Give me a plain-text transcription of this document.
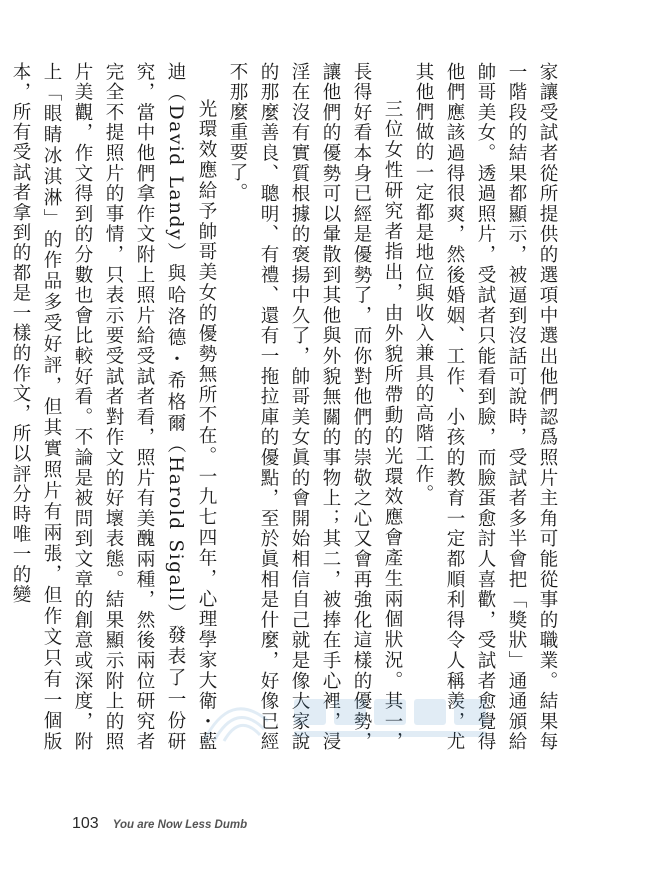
家讓受試者從所提供的選項中選出他們認爲照片主角可能從事的職業。結果每一階段的結果都顯示，被逼到沒話可說時，受試者多半會把「獎狀」通通頒給帥哥美女。透過照片，受試者只能看到臉，而臉蛋愈討人喜歡，受試者愈覺得他們應該過得很爽，然後婚姻、工作、小孩的教育一定都順利得令人稱羨，尤其他們做的一定都是地位與收入兼具的高階工作。

三位女性研究者指出，由外貌所帶動的光環效應會產生兩個狀況。其一，長得好看本身已經是優勢了，而你對他們的崇敬之心又會再強化這樣的優勢，讓他們的優勢可以暈散到其他與外貌無關的事物上；其二，被捧在手心裡，浸淫在沒有實質根據的褒揚中久了，帥哥美女眞的會開始相信自己就是像大家說的那麼善良、聰明、有禮、還有一拖拉庫的優點，至於眞相是什麼，好像已經不那麼重要了。

光環效應給予帥哥美女的優勢無所不在。一九七四年，心理學家大衛・藍迪（David Landy）與哈洛德・希格爾（Harold Sigall）發表了一份研究，當中他們拿作文附上照片給受試者看，照片有美醜兩種，然後兩位研究者完全不提照片的事情，只表示要受試者對作文的好壞表態。結果顯示附上的照片美觀，作文得到的分數也會比較好看。不論是被問到文章的創意或深度，附上「眼睛冰淇淋」的作品多受好評，但其實照片有兩張，但作文只有一個版本，所有受試者拿到的都是一樣的作文，所以評分時唯一的變

103 You are Now Less Dumb
